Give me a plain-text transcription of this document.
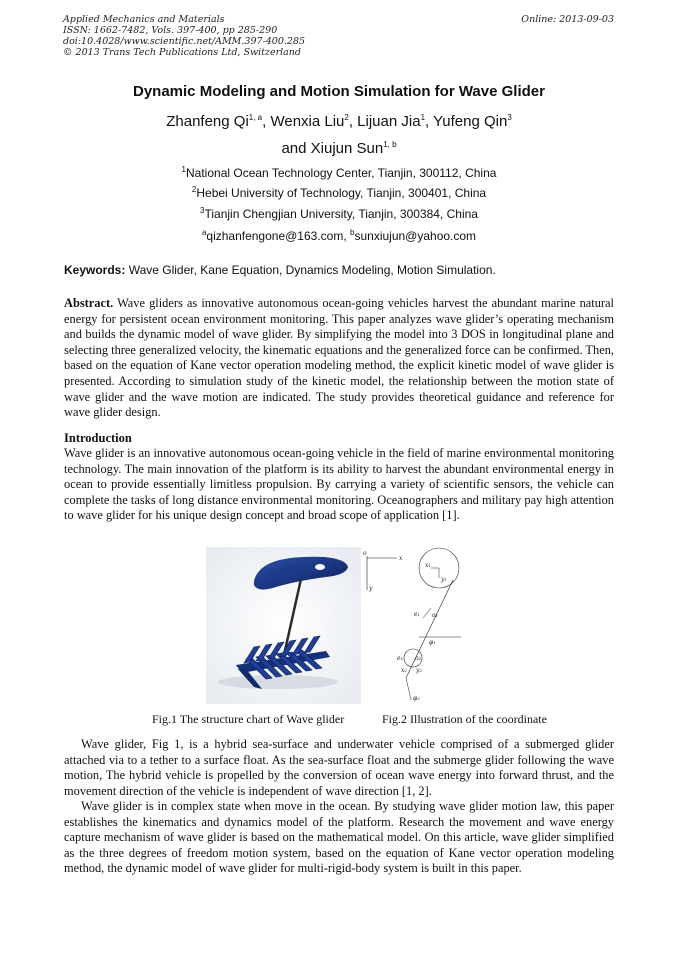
Applied Mechanics and Materials
ISSN: 1662-7482, Vols. 397-400, pp 285-290
doi:10.4028/www.scientific.net/AMM.397-400.285
© 2013 Trans Tech Publications Ltd, Switzerland
Online: 2013-09-03
Dynamic Modeling and Motion Simulation for Wave Glider
Zhanfeng Qi$^{1, a}$, Wenxia Liu$^2$, Lijuan Jia$^1$, Yufeng Qin$^3$
and Xiujun Sun$^{1, b}$
$^1$National Ocean Technology Center, Tianjin, 300112, China
$^2$Hebei University of Technology, Tianjin, 300401, China
$^3$Tianjin Chengjian University, Tianjin, 300384, China
$^a$qizhanfengone@163.com, $^b$sunxiujun@yahoo.com
Keywords: Wave Glider, Kane Equation, Dynamics Modeling, Motion Simulation.
Abstract. Wave gliders as innovative autonomous ocean-going vehicles harvest the abundant marine natural energy for persistent ocean environment monitoring. This paper analyzes wave glider’s operating mechanism and builds the dynamic model of wave glider. By simplifying the model into 3 DOS in longitudinal plane and selecting three generalized velocity, the kinematic equations and the generalized force can be confirmed. Then, based on the equation of Kane vector operation modeling method, the explicit kinetic model of wave glider is presented. According to simulation study of the kinetic model, the relationship between the motion state of wave glider and the wave motion are indicated. The study provides theoretical guidance and reference for wave glider design.
Introduction
Wave glider is an innovative autonomous ocean-going vehicle in the field of marine environmental monitoring technology. The main innovation of the platform is its ability to harvest the abundant environmental energy in ocean to provide essentially limitless propulsion. By carrying a variety of scientific sensors, the vehicle can complete the tasks of long distance environmental monitoring. Oceanographers and military pay high attention to wave glider for his unique design concept and broad scope of application [1].
o
x
y
x₁
y₁
e₁ o₁
φ₁
e₂ o₂
x₂ y₂
φ₂
Fig.1 The structure chart of Wave glider	Fig.2 Illustration of the coordinate
Wave glider, Fig 1, is a hybrid sea-surface and underwater vehicle comprised of a submerged glider attached via to a tether to a surface float. As the sea-surface float and the submerge glider following the wave motion, The hybrid vehicle is propelled by the conversion of ocean wave energy into forward thrust, and the movement direction of the vehicle is independent of wave direction [1, 2].
Wave glider is in complex state when move in the ocean. By studying wave glider motion law, this paper establishes the kinematics and dynamics model of the platform. Research the movement and wave energy capture mechanism of wave glider is based on the mathematical model. On this article, wave glider simplified as the three degrees of freedom motion system, based on the equation of Kane vector operation modeling method, the dynamic model of wave glider for multi-rigid-body system is built in this paper.
